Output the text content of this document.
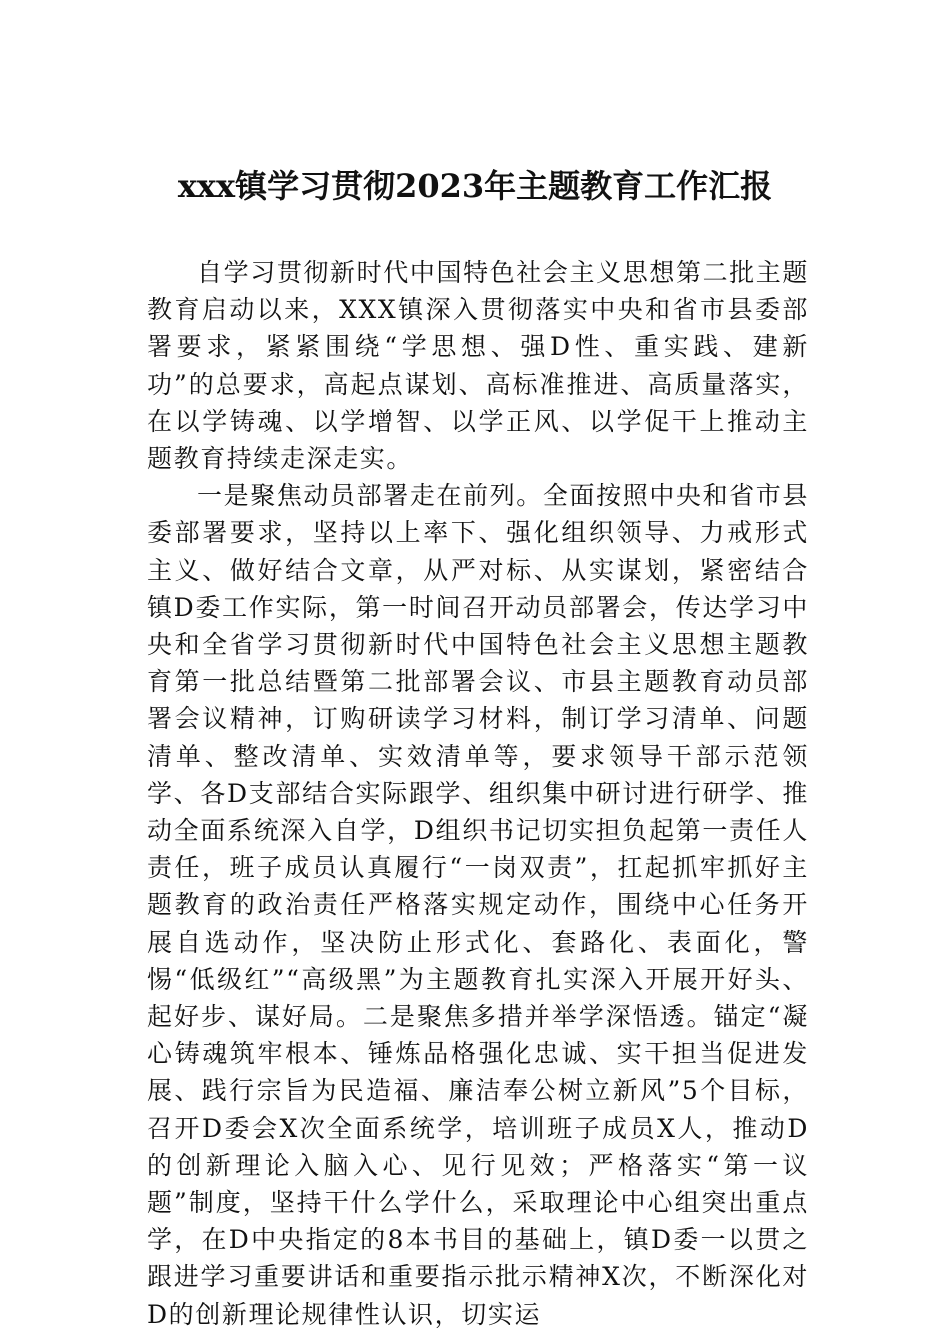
xxx镇学习贯彻2023年主题教育工作汇报

自学习贯彻新时代中国特色社会主义思想第二批主题教育启动以来，XXX镇深入贯彻落实中央和省市县委部署要求，紧紧围绕“学思想、强D性、重实践、建新功”的总要求，高起点谋划、高标准推进、高质量落实，在以学铸魂、以学增智、以学正风、以学促干上推动主题教育持续走深走实。

一是聚焦动员部署走在前列。全面按照中央和省市县委部署要求，坚持以上率下、强化组织领导、力戒形式主义、做好结合文章，从严对标、从实谋划，紧密结合镇D委工作实际，第一时间召开动员部署会，传达学习中央和全省学习贯彻新时代中国特色社会主义思想主题教育第一批总结暨第二批部署会议、市县主题教育动员部署会议精神，订购研读学习材料，制订学习清单、问题清单、整改清单、实效清单等，要求领导干部示范领学、各D支部结合实际跟学、组织集中研讨进行研学、推动全面系统深入自学，D组织书记切实担负起第一责任人责任，班子成员认真履行“一岗双责”，扛起抓牢抓好主题教育的政治责任严格落实规定动作，围绕中心任务开展自选动作，坚决防止形式化、套路化、表面化，警惕“低级红”“高级黑”为主题教育扎实深入开展开好头、起好步、谋好局。二是聚焦多措并举学深悟透。锚定“凝心铸魂筑牢根本、锤炼品格强化忠诚、实干担当促进发展、践行宗旨为民造福、廉洁奉公树立新风”5个目标，召开D委会X次全面系统学，培训班子成员X人，推动D的创新理论入脑入心、见行见效；严格落实“第一议题”制度，坚持干什么学什么，采取理论中心组突出重点学，在D中央指定的8本书目的基础上，镇D委一以贯之跟进学习重要讲话和重要指示批示精神X次，不断深化对D的创新理论规律性认识，切实运
